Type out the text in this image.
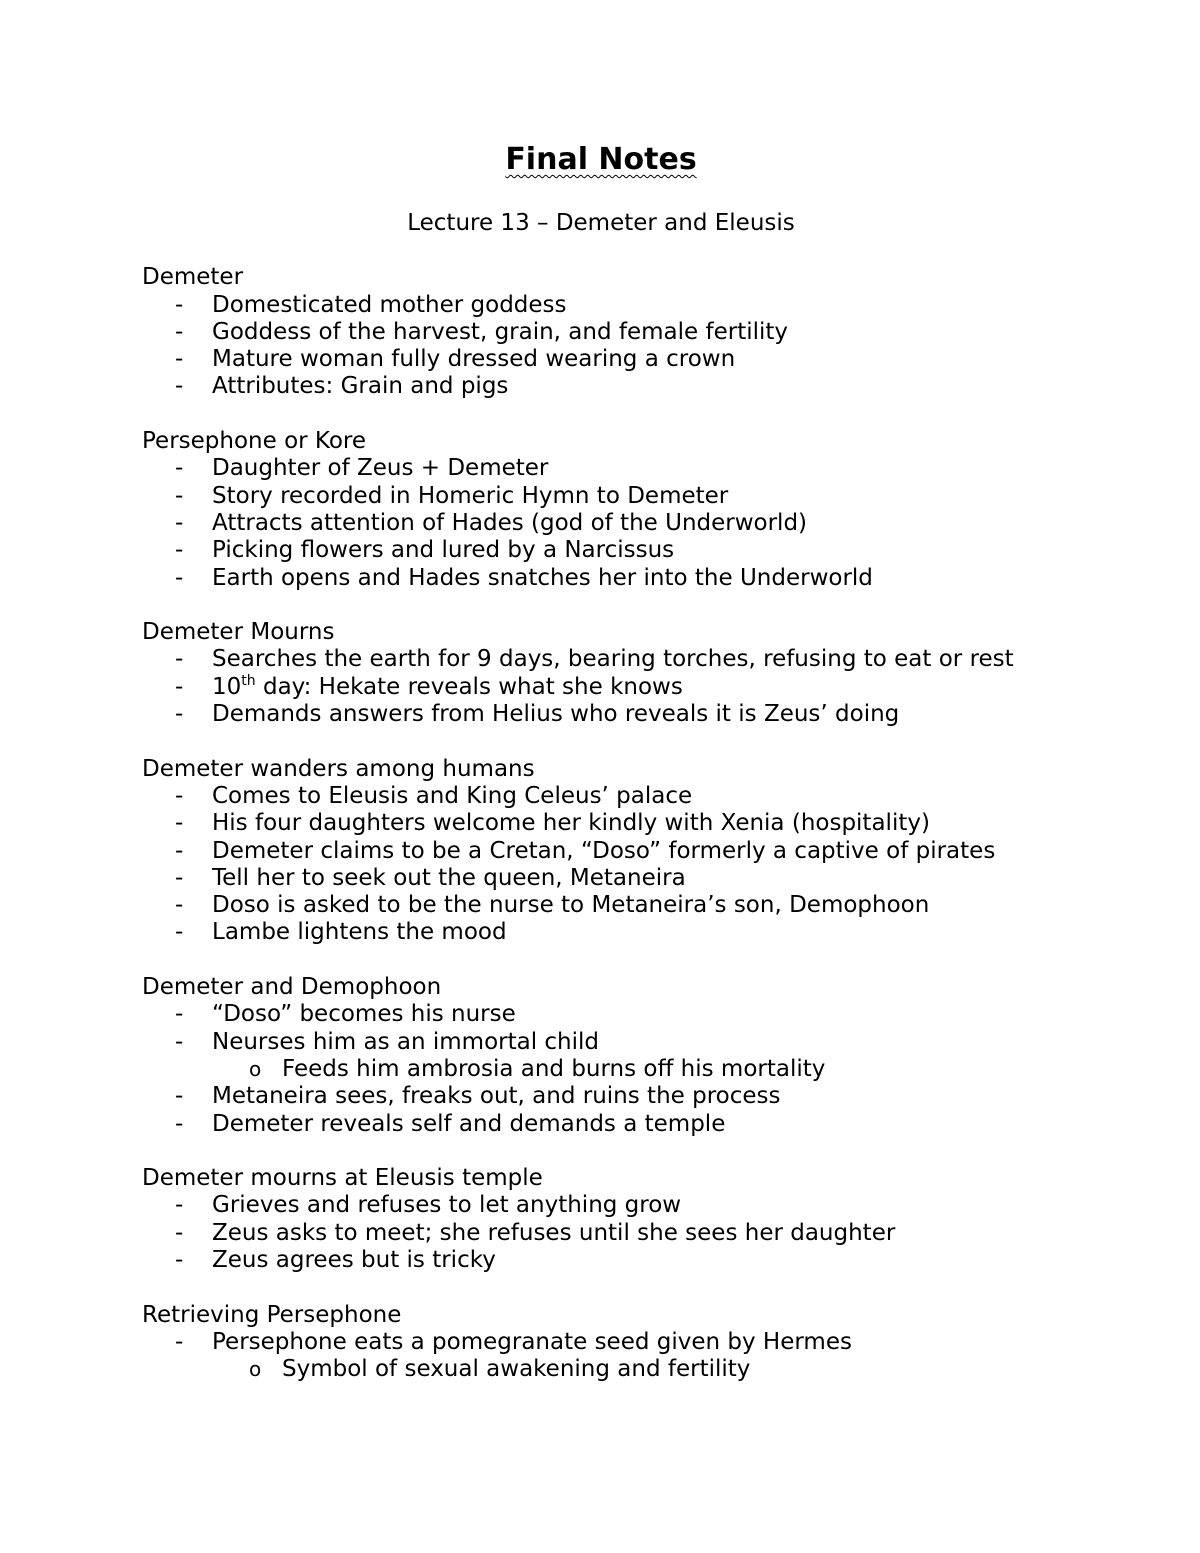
Final Notes
Lecture 13 – Demeter and Eleusis
Demeter
- Domesticated mother goddess
- Goddess of the harvest, grain, and female fertility
- Mature woman fully dressed wearing a crown
- Attributes: Grain and pigs
Persephone or Kore
- Daughter of Zeus + Demeter
- Story recorded in Homeric Hymn to Demeter
- Attracts attention of Hades (god of the Underworld)
- Picking flowers and lured by a Narcissus
- Earth opens and Hades snatches her into the Underworld
Demeter Mourns
- Searches the earth for 9 days, bearing torches, refusing to eat or rest
- 10th day: Hekate reveals what she knows
- Demands answers from Helius who reveals it is Zeus’ doing
Demeter wanders among humans
- Comes to Eleusis and King Celeus’ palace
- His four daughters welcome her kindly with Xenia (hospitality)
- Demeter claims to be a Cretan, “Doso” formerly a captive of pirates
- Tell her to seek out the queen, Metaneira
- Doso is asked to be the nurse to Metaneira’s son, Demophoon
- Lambe lightens the mood
Demeter and Demophoon
- “Doso” becomes his nurse
- Neurses him as an immortal child
o Feeds him ambrosia and burns off his mortality
- Metaneira sees, freaks out, and ruins the process
- Demeter reveals self and demands a temple
Demeter mourns at Eleusis temple
- Grieves and refuses to let anything grow
- Zeus asks to meet; she refuses until she sees her daughter
- Zeus agrees but is tricky
Retrieving Persephone
- Persephone eats a pomegranate seed given by Hermes
o Symbol of sexual awakening and fertility
